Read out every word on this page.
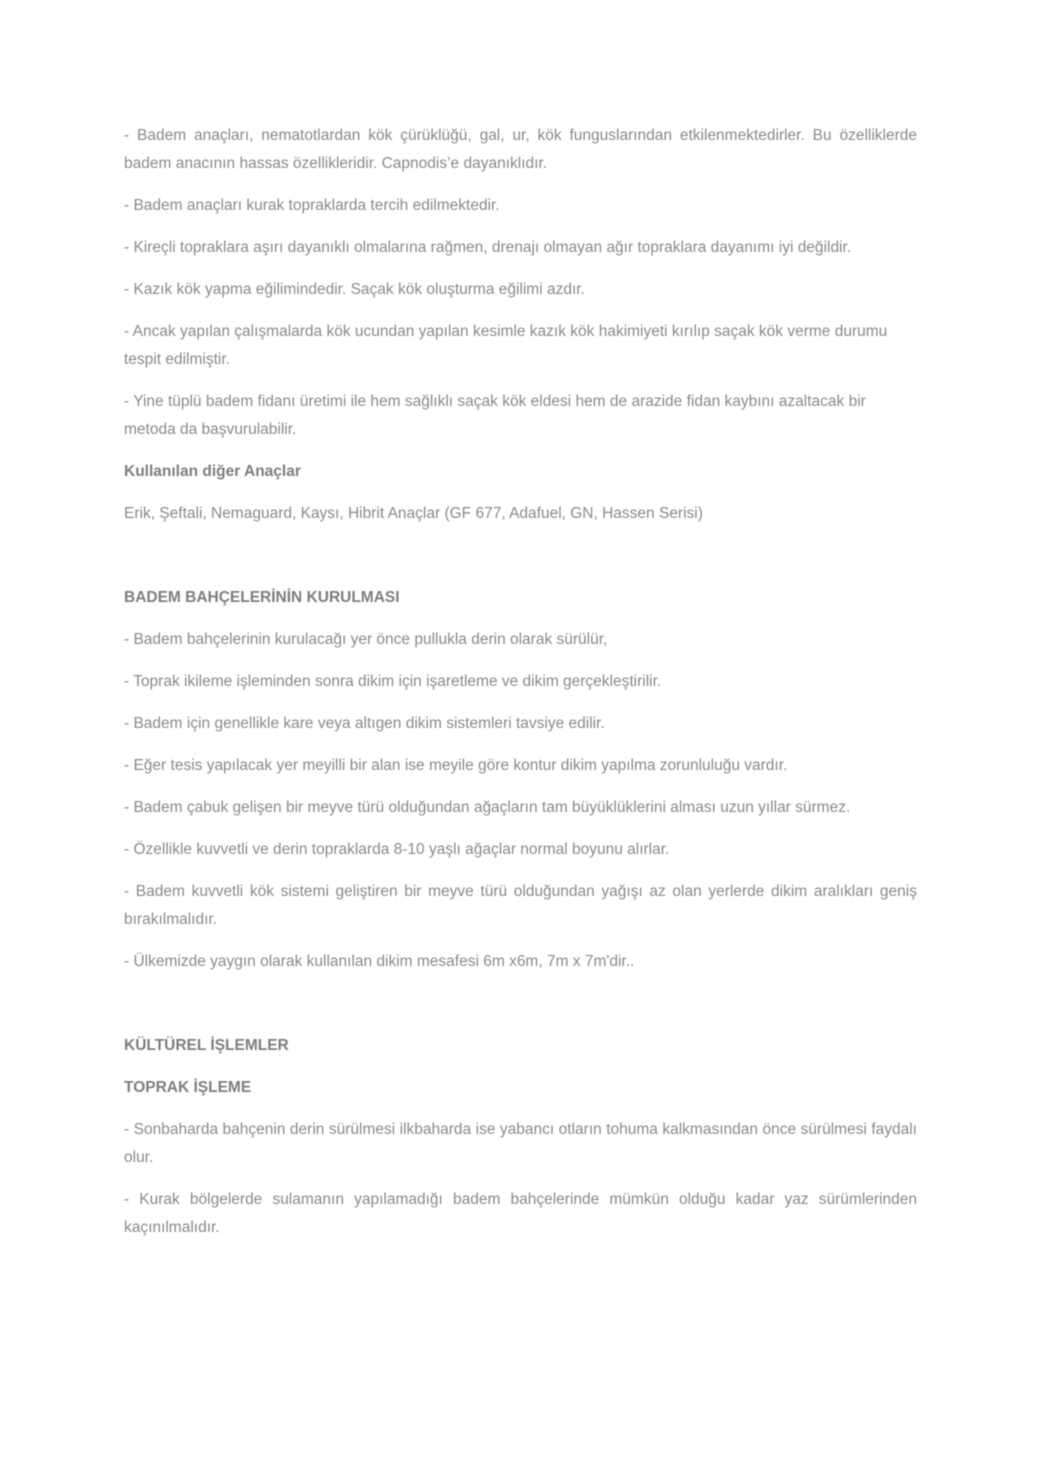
- Badem anaçları, nematotlardan kök çürüklüğü, gal, ur, kök funguslarından etkilenmektedirler. Bu özelliklerde badem anacının hassas özellikleridir. Capnodis’e dayanıklıdır.

- Badem anaçları kurak topraklarda tercih edilmektedir.

- Kireçli topraklara aşırı dayanıklı olmalarına rağmen, drenajı olmayan ağır topraklara dayanımı iyi değildir.

- Kazık kök yapma eğilimindedir. Saçak kök oluşturma eğilimi azdır.

- Ancak yapılan çalışmalarda kök ucundan yapılan kesimle kazık kök hakimiyeti kırılıp saçak kök verme durumu tespit edilmiştir.

- Yine tüplü badem fidanı üretimi ile hem sağlıklı saçak kök eldesi hem de arazide fidan kaybını azaltacak bir metoda da başvurulabilir.

Kullanılan diğer Anaçlar

Erik, Şeftali, Nemaguard, Kaysı, Hibrit Anaçlar (GF 677, Adafuel, GN, Hassen Serisi)

BADEM BAHÇELERİNİN KURULMASI

- Badem bahçelerinin kurulacağı yer önce pullukla derin olarak sürülür,

- Toprak ikileme işleminden sonra dikim için işaretleme ve dikim gerçekleştirilir.

- Badem için genellikle kare veya altıgen dikim sistemleri tavsiye edilir.

- Eğer tesis yapılacak yer meyilli bir alan ise meyile göre kontur dikim yapılma zorunluluğu vardır.

- Badem çabuk gelişen bir meyve türü olduğundan ağaçların tam büyüklüklerini alması uzun yıllar sürmez.

- Özellikle kuvvetli ve derin topraklarda 8-10 yaşlı ağaçlar normal boyunu alırlar.

- Badem kuvvetli kök sistemi geliştiren bir meyve türü olduğundan yağışı az olan yerlerde dikim aralıkları geniş bırakılmalıdır.

- Ülkemizde yaygın olarak kullanılan dikim mesafesi 6m x6m, 7m x 7m'dir..

KÜLTÜREL İŞLEMLER

TOPRAK İŞLEME

- Sonbaharda bahçenin derin sürülmesi ilkbaharda ise yabancı otların tohuma kalkmasından önce sürülmesi faydalı olur.

- Kurak bölgelerde sulamanın yapılamadığı badem bahçelerinde mümkün olduğu kadar yaz sürümlerinden kaçınılmalıdır.
